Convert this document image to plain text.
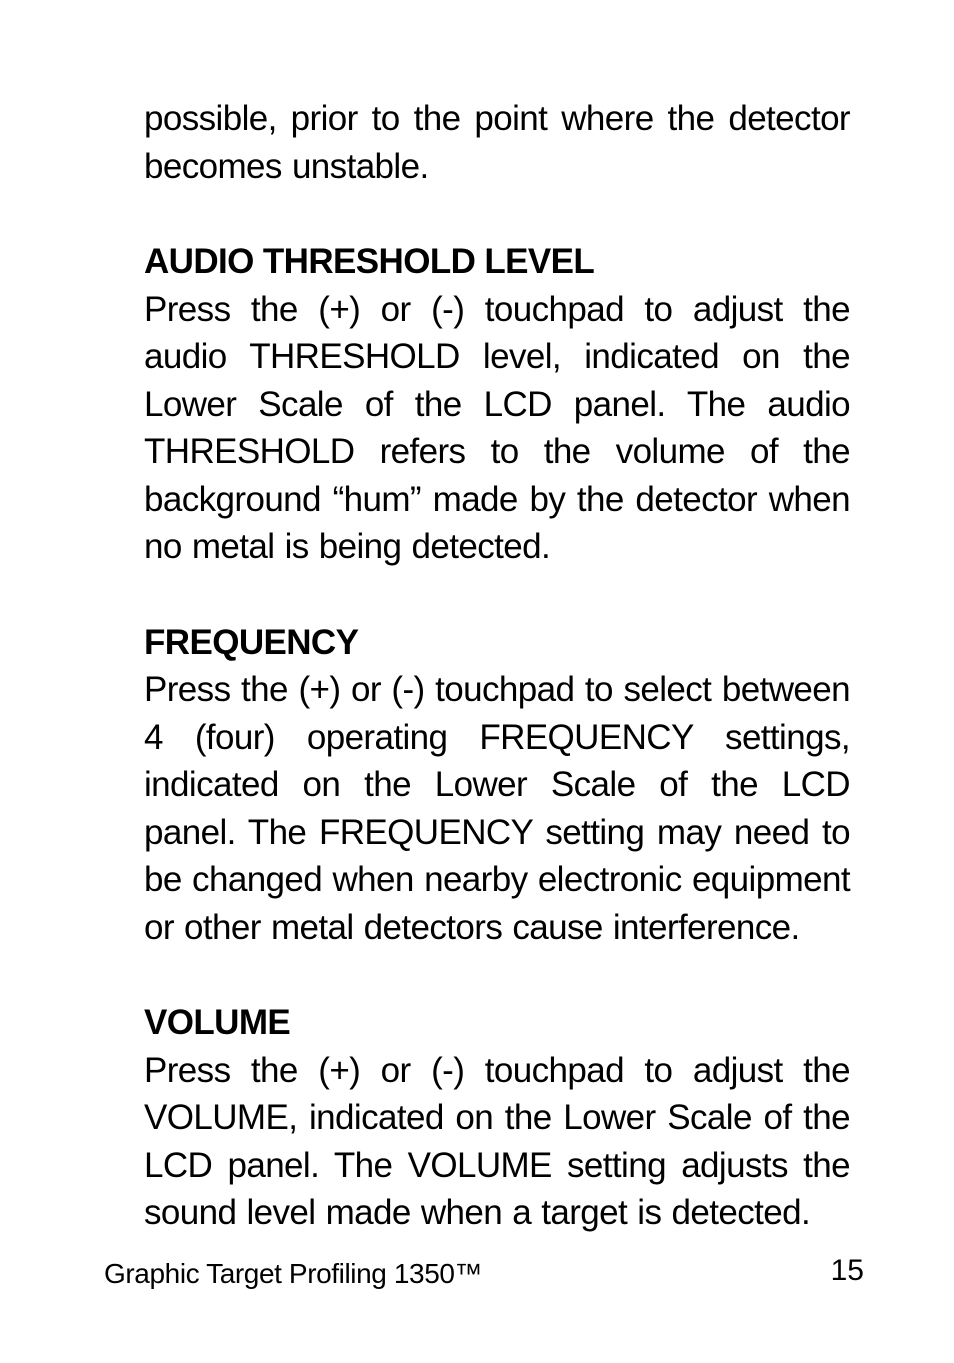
possible, prior to the point where the detector becomes unstable.

AUDIO THRESHOLD LEVEL

Press the (+) or (-) touchpad to adjust the audio THRESHOLD level, indicated on the Lower Scale of the LCD panel. The audio THRESHOLD refers to the volume of the background “hum” made by the detector when no metal is being detected.

FREQUENCY

Press the (+) or (-) touchpad to select between 4 (four) operating FREQUENCY settings, indicated on the Lower Scale of the LCD panel. The FREQUENCY setting may need to be changed when nearby electronic equipment or other metal detectors cause interference.

VOLUME

Press the (+) or (-) touchpad to adjust the VOLUME, indicated on the Lower Scale of the LCD panel. The VOLUME setting adjusts the sound level made when a target is detected.

Graphic Target Profiling 1350™	15
